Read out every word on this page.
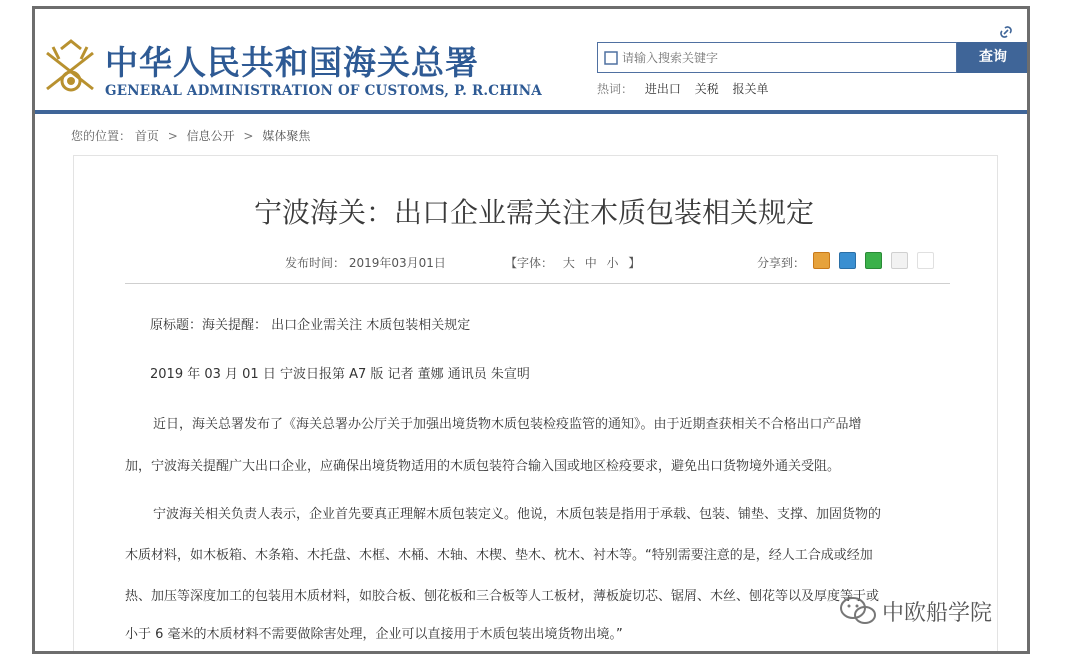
中华人民共和国海关总署
GENERAL ADMINISTRATION OF CUSTOMS, P. R.CHINA
请输入搜索关键字
查询
热词： 进出口 关税 报关单
您的位置： 首页 > 信息公开 > 媒体聚焦
宁波海关：出口企业需关注木质包装相关规定
发布时间： 2019年03月01日	【字体： 大 中 小 】	分享到：
原标题：海关提醒： 出口企业需关注 木质包装相关规定
2019 年 03 月 01 日 宁波日报第 A7 版 记者 董娜 通讯员 朱宣明
近日，海关总署发布了《海关总署办公厅关于加强出境货物木质包装检疫监管的通知》。由于近期查获相关不合格出口产品增
加，宁波海关提醒广大出口企业，应确保出境货物适用的木质包装符合输入国或地区检疫要求，避免出口货物境外通关受阻。
宁波海关相关负责人表示，企业首先要真正理解木质包装定义。他说，木质包装是指用于承载、包装、铺垫、支撑、加固货物的
木质材料，如木板箱、木条箱、木托盘、木框、木桶、木轴、木楔、垫木、枕木、衬木等。“特别需要注意的是，经人工合成或经加
热、加压等深度加工的包装用木质材料，如胶合板、刨花板和三合板等人工板材，薄板旋切芯、锯屑、木丝、刨花等以及厚度等于或
小于 6 毫米的木质材料不需要做除害处理，企业可以直接用于木质包装出境货物出境。”
中欧船学院
